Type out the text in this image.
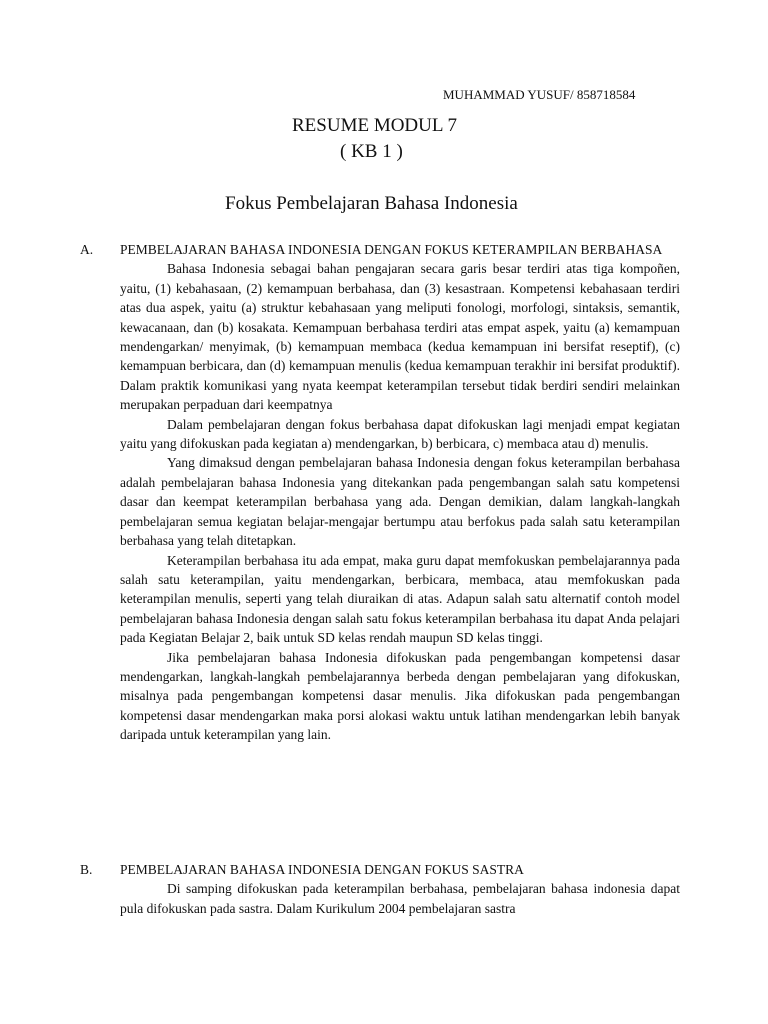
MUHAMMAD YUSUF/ 858718584
RESUME MODUL 7
( KB 1 )
Fokus Pembelajaran Bahasa Indonesia

A. PEMBELAJARAN BAHASA INDONESIA DENGAN FOKUS KETERAMPILAN BERBAHASA

Bahasa Indonesia sebagai bahan pengajaran secara garis besar terdiri atas tiga kompoñen, yaitu, (1) kebahasaan, (2) kemampuan berbahasa, dan (3) kesastraan. Kompetensi kebahasaan terdiri atas dua aspek, yaitu (a) struktur kebahasaan yang meliputi fonologi, morfologi, sintaksis, semantik, kewacanaan, dan (b) kosakata. Kemampuan berbahasa terdiri atas empat aspek, yaitu (a) kemampuan mendengarkan/ menyimak, (b) kemampuan membaca (kedua kemampuan ini bersifat reseptif), (c) kemampuan berbicara, dan (d) kemampuan menulis (kedua kemampuan terakhir ini bersifat produktif). Dalam praktik komunikasi yang nyata keempat keterampilan tersebut tidak berdiri sendiri melainkan merupakan perpaduan dari keempatnya

Dalam pembelajaran dengan fokus berbahasa dapat difokuskan lagi menjadi empat kegiatan yaitu yang difokuskan pada kegiatan a) mendengarkan, b) berbicara, c) membaca atau d) menulis.

Yang dimaksud dengan pembelajaran bahasa Indonesia dengan fokus keterampilan berbahasa adalah pembelajaran bahasa Indonesia yang ditekankan pada pengembangan salah satu kompetensi dasar dan keempat keterampilan berbahasa yang ada. Dengan demikian, dalam langkah-langkah pembelajaran semua kegiatan belajar-mengajar bertumpu atau berfokus pada salah satu keterampilan berbahasa yang telah ditetapkan.

Keterampilan berbahasa itu ada empat, maka guru dapat memfokuskan pembelajarannya pada salah satu keterampilan, yaitu mendengarkan, berbicara, membaca, atau memfokuskan pada keterampilan menulis, seperti yang telah diuraikan di atas. Adapun salah satu alternatif contoh model pembelajaran bahasa Indonesia dengan salah satu fokus keterampilan berbahasa itu dapat Anda pelajari pada Kegiatan Belajar 2, baik untuk SD kelas rendah maupun SD kelas tinggi.

Jika pembelajaran bahasa Indonesia difokuskan pada pengembangan kompetensi dasar mendengarkan, langkah-langkah pembelajarannya berbeda dengan pembelajaran yang difokuskan, misalnya pada pengembangan kompetensi dasar menulis. Jika difokuskan pada pengembangan kompetensi dasar mendengarkan maka porsi alokasi waktu untuk latihan mendengarkan lebih banyak daripada untuk keterampilan yang lain.

B. PEMBELAJARAN BAHASA INDONESIA DENGAN FOKUS SASTRA

Di samping difokuskan pada keterampilan berbahasa, pembelajaran bahasa indonesia dapat pula difokuskan pada sastra. Dalam Kurikulum 2004 pembelajaran sastra
